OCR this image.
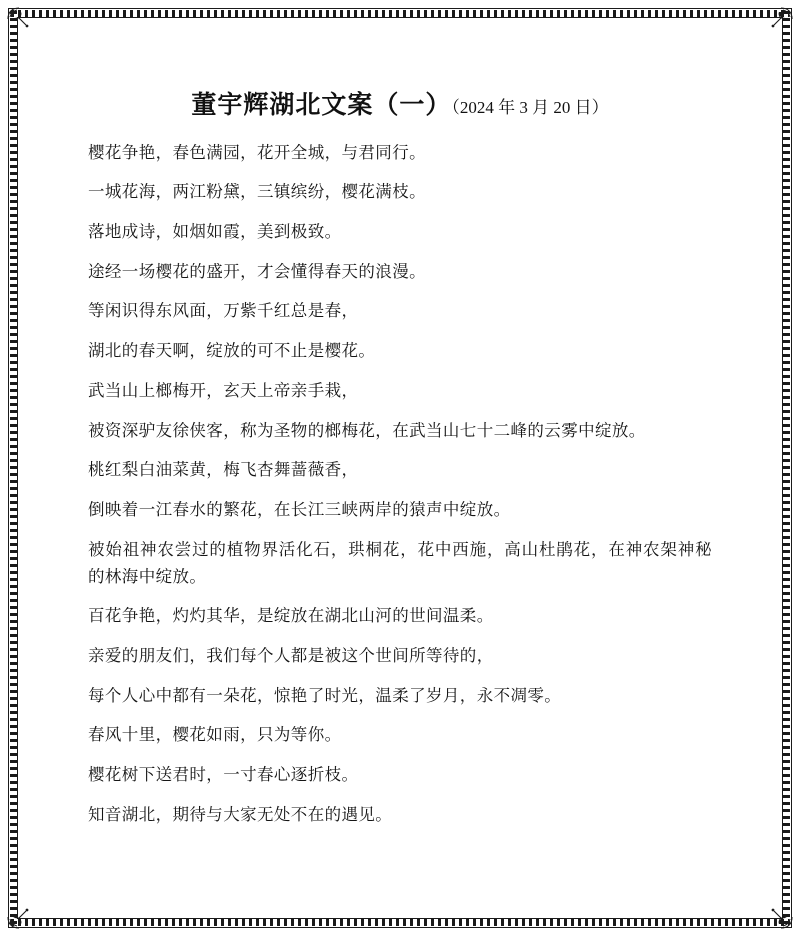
董宇辉湖北文案（一）（2024 年 3 月 20 日）

樱花争艳，春色满园，花开全城，与君同行。

一城花海，两江粉黛，三镇缤纷，樱花满枝。

落地成诗，如烟如霞，美到极致。

途经一场樱花的盛开，才会懂得春天的浪漫。

等闲识得东风面，万紫千红总是春，

湖北的春天啊，绽放的可不止是樱花。

武当山上榔梅开，玄天上帝亲手栽，

被资深驴友徐侠客，称为圣物的榔梅花，在武当山七十二峰的云雾中绽放。

桃红梨白油菜黄，梅飞杏舞蔷薇香，

倒映着一江春水的繁花，在长江三峡两岸的猿声中绽放。

被始祖神农尝过的植物界活化石，珙桐花，花中西施，高山杜鹃花，在神农架神秘的林海中绽放。

百花争艳，灼灼其华，是绽放在湖北山河的世间温柔。

亲爱的朋友们，我们每个人都是被这个世间所等待的，

每个人心中都有一朵花，惊艳了时光，温柔了岁月，永不凋零。

春风十里，樱花如雨，只为等你。

樱花树下送君时，一寸春心逐折枝。

知音湖北，期待与大家无处不在的遇见。
